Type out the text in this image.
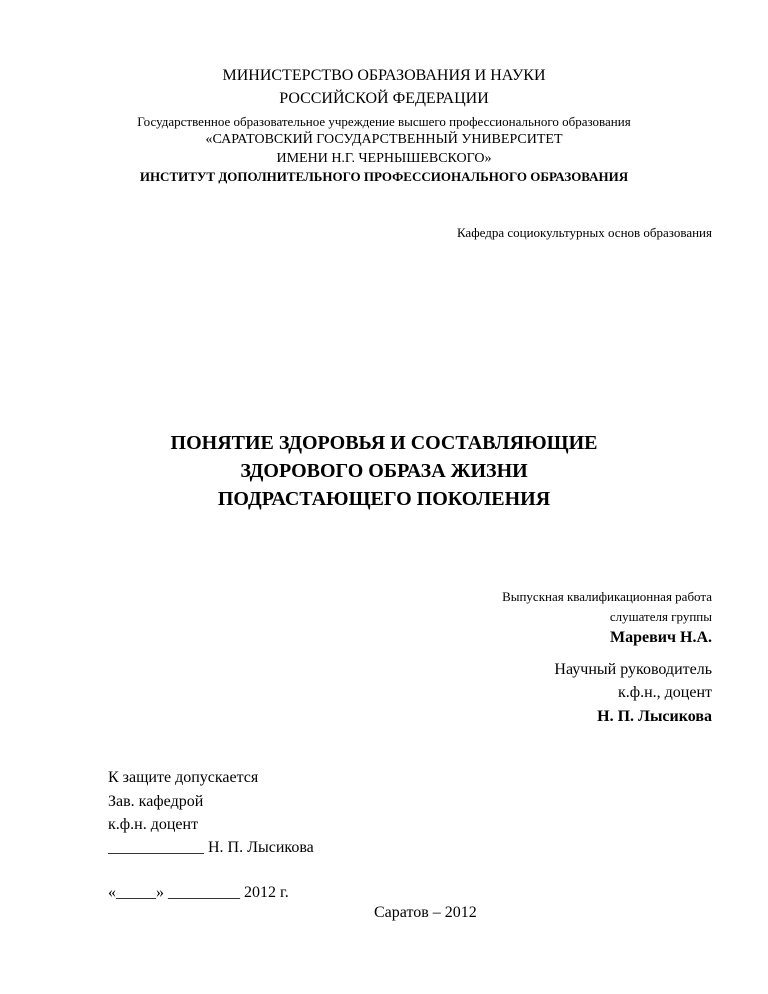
МИНИСТЕРСТВО ОБРАЗОВАНИЯ И НАУКИ
РОССИЙСКОЙ ФЕДЕРАЦИИ
Государственное образовательное учреждение высшего профессионального образования
«САРАТОВСКИЙ ГОСУДАРСТВЕННЫЙ УНИВЕРСИТЕТ
ИМЕНИ Н.Г. ЧЕРНЫШЕВСКОГО»
ИНСТИТУТ ДОПОЛНИТЕЛЬНОГО ПРОФЕССИОНАЛЬНОГО ОБРАЗОВАНИЯ
Кафедра социокультурных основ образования
ПОНЯТИЕ ЗДОРОВЬЯ И СОСТАВЛЯЮЩИЕ
ЗДОРОВОГО ОБРАЗА ЖИЗНИ
ПОДРАСТАЮЩЕГО ПОКОЛЕНИЯ
Выпускная квалификационная работа
слушателя группы
Маревич Н.А.
Научный руководитель
к.ф.н., доцент
Н. П. Лысикова
К защите допускается
Зав. кафедрой
к.ф.н. доцент
____________ Н. П. Лысикова
«_____» _________ 2012 г.
Саратов – 2012
